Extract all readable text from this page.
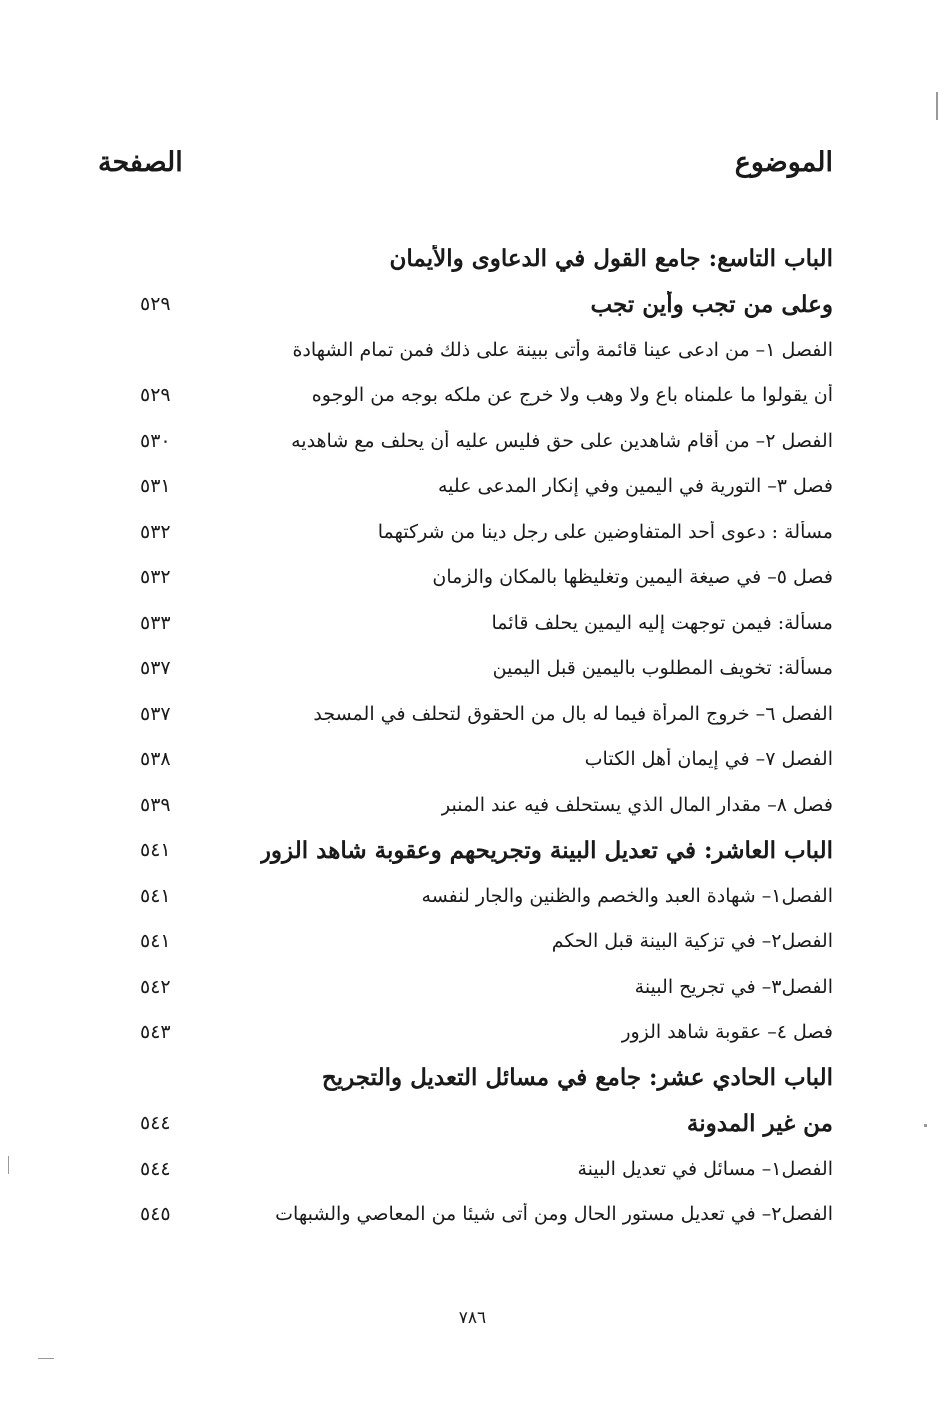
الموضوع
الصفحة
الباب التاسع: جامع القول في الدعاوى والأيمان
وعلى من تجب وأين تجب
٥٢٩
الفصل ١– من ادعى عينا قائمة وأتى ببينة على ذلك فمن تمام الشهادة
أن يقولوا ما علمناه باع ولا وهب ولا خرج عن ملكه بوجه من الوجوه
٥٢٩
الفصل ٢– من أقام شاهدين على حق فليس عليه أن يحلف مع شاهديه
٥٣٠
فصل ٣– التورية في اليمين وفي إنكار المدعى عليه
٥٣١
مسألة : دعوى أحد المتفاوضين على رجل دينا من شركتهما
٥٣٢
فصل ٥– في صيغة اليمين وتغليظها بالمكان والزمان
٥٣٢
مسألة: فيمن توجهت إليه اليمين يحلف قائما
٥٣٣
مسألة: تخويف المطلوب باليمين قبل اليمين
٥٣٧
الفصل ٦– خروج المرأة فيما له بال من الحقوق لتحلف في المسجد
٥٣٧
الفصل ٧– في إيمان أهل الكتاب
٥٣٨
فصل ٨– مقدار المال الذي يستحلف فيه عند المنبر
٥٣٩
الباب العاشر: في تعديل البينة وتجريحهم وعقوبة شاهد الزور
٥٤١
الفصل١– شهادة العبد والخصم والظنين والجار لنفسه
٥٤١
الفصل٢– في تزكية البينة قبل الحكم
٥٤١
الفصل٣– في تجريح البينة
٥٤٢
فصل ٤– عقوبة شاهد الزور
٥٤٣
الباب الحادي عشر: جامع في مسائل التعديل والتجريح
من غير المدونة
٥٤٤
الفصل١– مسائل في تعديل البينة
٥٤٤
الفصل٢– في تعديل مستور الحال ومن أتى شيئا من المعاصي والشبهات
٥٤٥
٧٨٦
